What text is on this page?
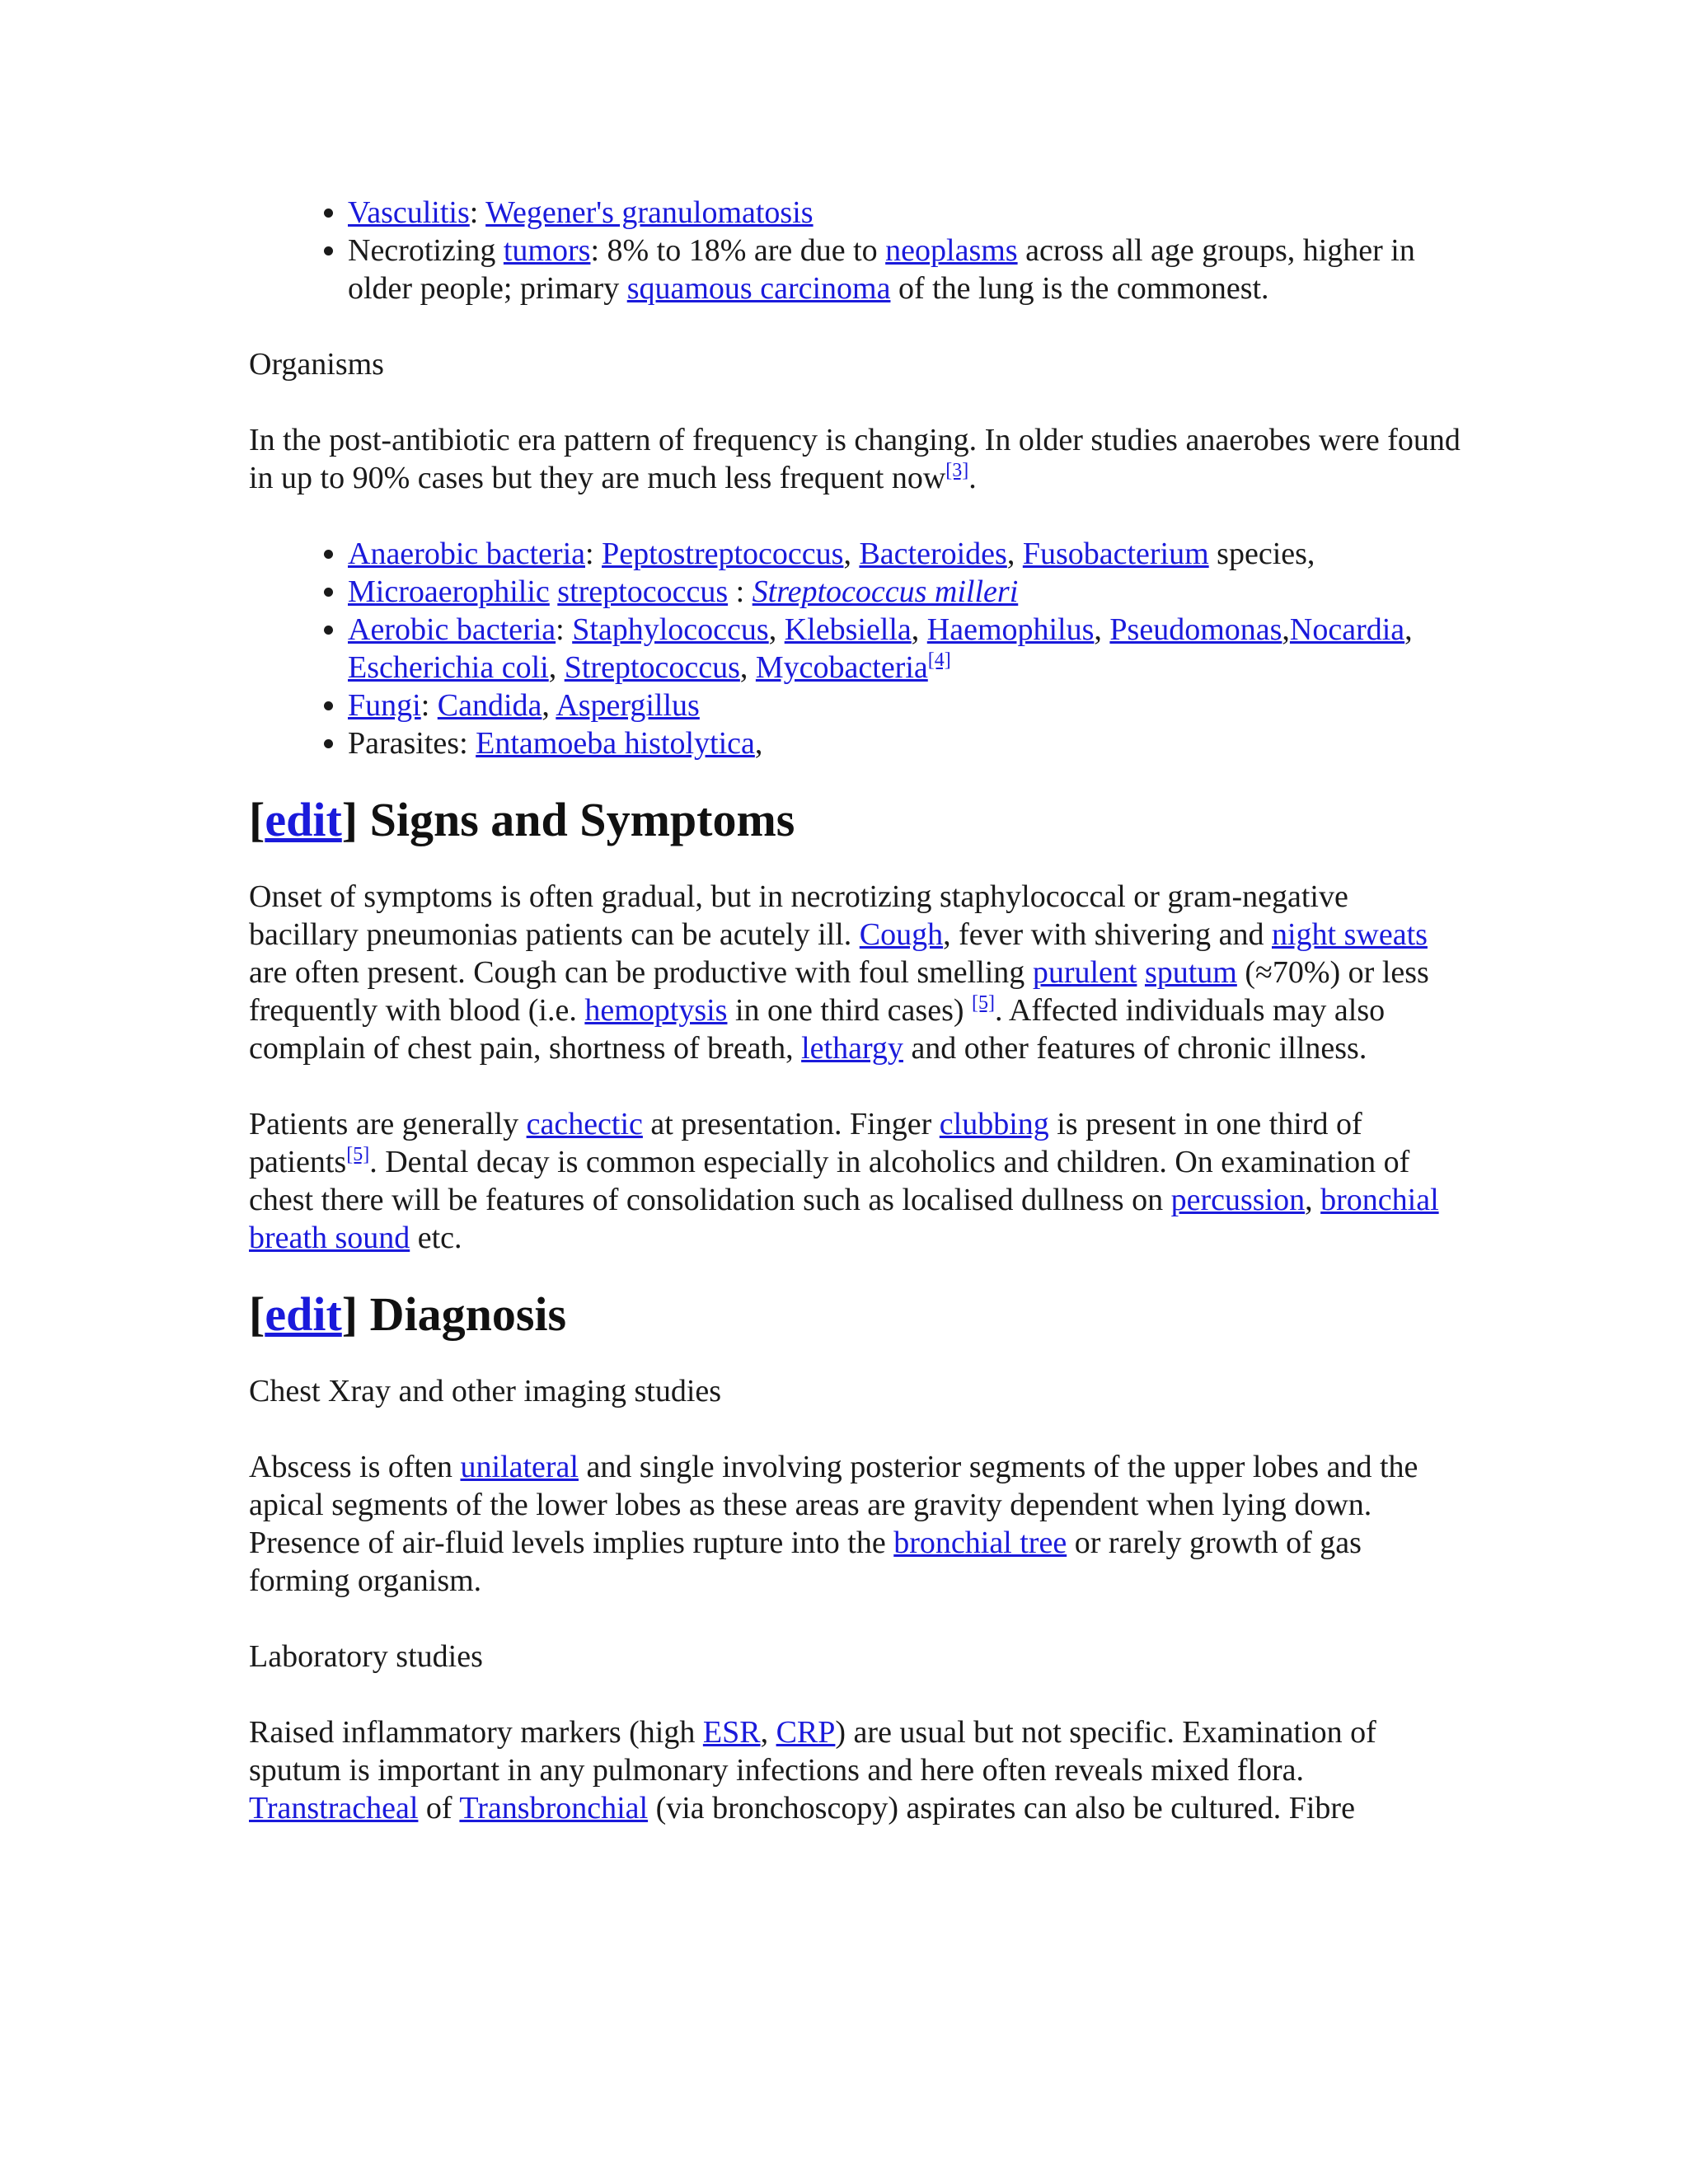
• Vasculitis: Wegener's granulomatosis
• Necrotizing tumors: 8% to 18% are due to neoplasms across all age groups, higher in older people; primary squamous carcinoma of the lung is the commonest.

Organisms

In the post-antibiotic era pattern of frequency is changing. In older studies anaerobes were found in up to 90% cases but they are much less frequent now[3].

• Anaerobic bacteria: Peptostreptococcus, Bacteroides, Fusobacterium species,
• Microaerophilic streptococcus : Streptococcus milleri
• Aerobic bacteria: Staphylococcus, Klebsiella, Haemophilus, Pseudomonas,Nocardia, Escherichia coli, Streptococcus, Mycobacteria[4]
• Fungi: Candida, Aspergillus
• Parasites: Entamoeba histolytica,
[edit] Signs and Symptoms

Onset of symptoms is often gradual, but in necrotizing staphylococcal or gram-negative bacillary pneumonias patients can be acutely ill. Cough, fever with shivering and night sweats are often present. Cough can be productive with foul smelling purulent sputum (≈70%) or less frequently with blood (i.e. hemoptysis in one third cases) [5]. Affected individuals may also complain of chest pain, shortness of breath, lethargy and other features of chronic illness.

Patients are generally cachectic at presentation. Finger clubbing is present in one third of patients[5]. Dental decay is common especially in alcoholics and children. On examination of chest there will be features of consolidation such as localised dullness on percussion, bronchial breath sound etc.

[edit] Diagnosis

Chest Xray and other imaging studies

Abscess is often unilateral and single involving posterior segments of the upper lobes and the apical segments of the lower lobes as these areas are gravity dependent when lying down. Presence of air-fluid levels implies rupture into the bronchial tree or rarely growth of gas forming organism.

Laboratory studies

Raised inflammatory markers (high ESR, CRP) are usual but not specific. Examination of sputum is important in any pulmonary infections and here often reveals mixed flora. Transtracheal of Transbronchial (via bronchoscopy) aspirates can also be cultured. Fibre
